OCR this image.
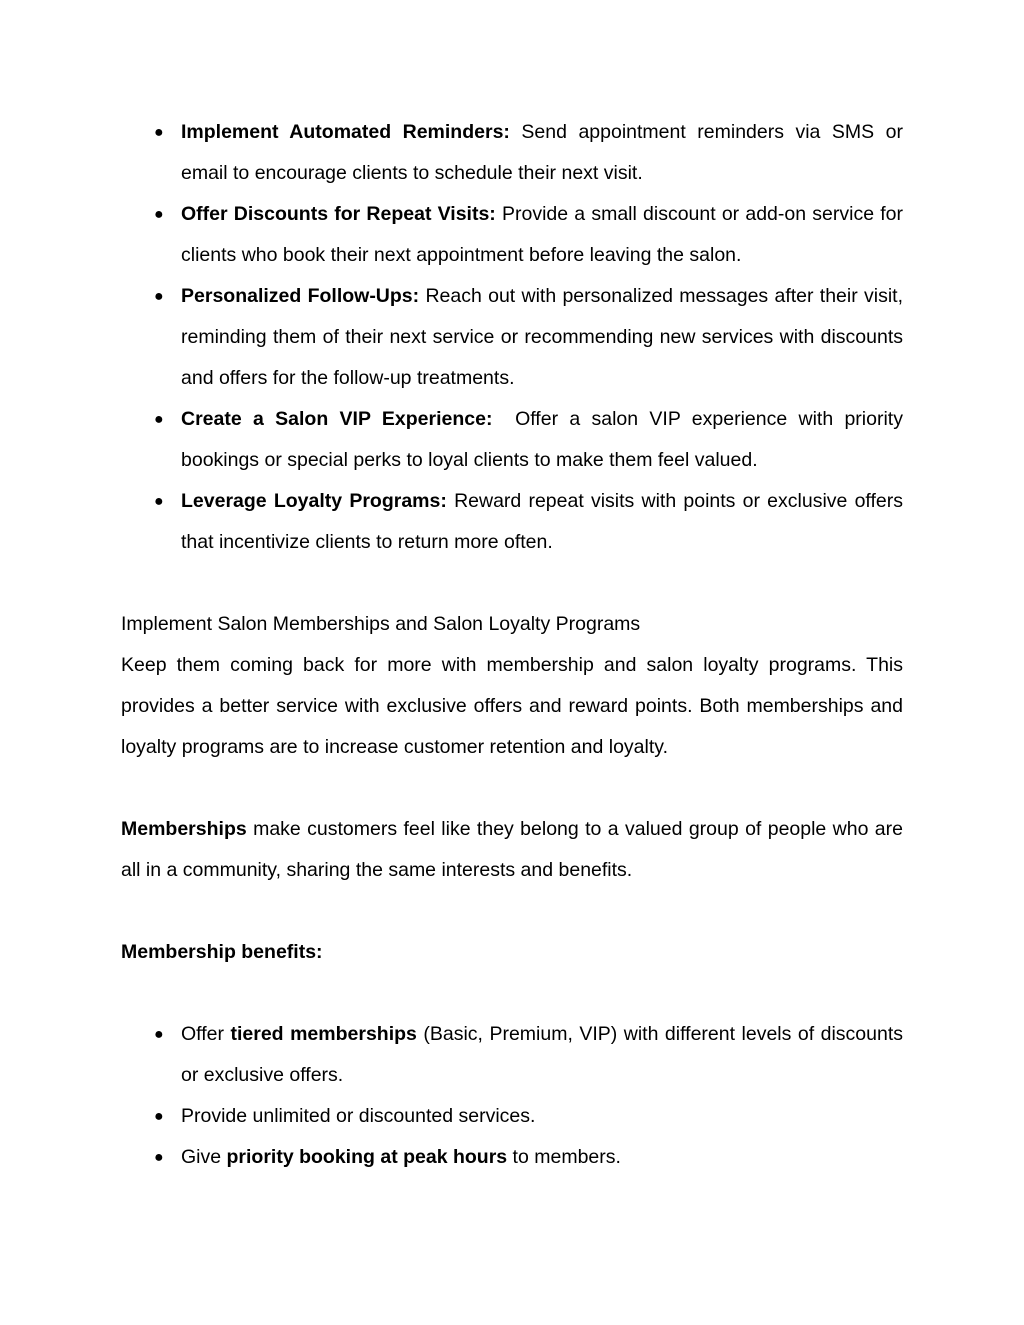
● Implement Automated Reminders: Send appointment reminders via SMS or email to encourage clients to schedule their next visit.
● Offer Discounts for Repeat Visits: Provide a small discount or add-on service for clients who book their next appointment before leaving the salon.
● Personalized Follow-Ups: Reach out with personalized messages after their visit, reminding them of their next service or recommending new services with discounts and offers for the follow-up treatments.
● Create a Salon VIP Experience:  Offer a salon VIP experience with priority bookings or special perks to loyal clients to make them feel valued.
● Leverage Loyalty Programs: Reward repeat visits with points or exclusive offers that incentivize clients to return more often.

Implement Salon Memberships and Salon Loyalty Programs

Keep them coming back for more with membership and salon loyalty programs. This provides a better service with exclusive offers and reward points. Both memberships and loyalty programs are to increase customer retention and loyalty.

Memberships make customers feel like they belong to a valued group of people who are all in a community, sharing the same interests and benefits.

Membership benefits:

● Offer tiered memberships (Basic, Premium, VIP) with different levels of discounts or exclusive offers.
● Provide unlimited or discounted services.
● Give priority booking at peak hours to members.
